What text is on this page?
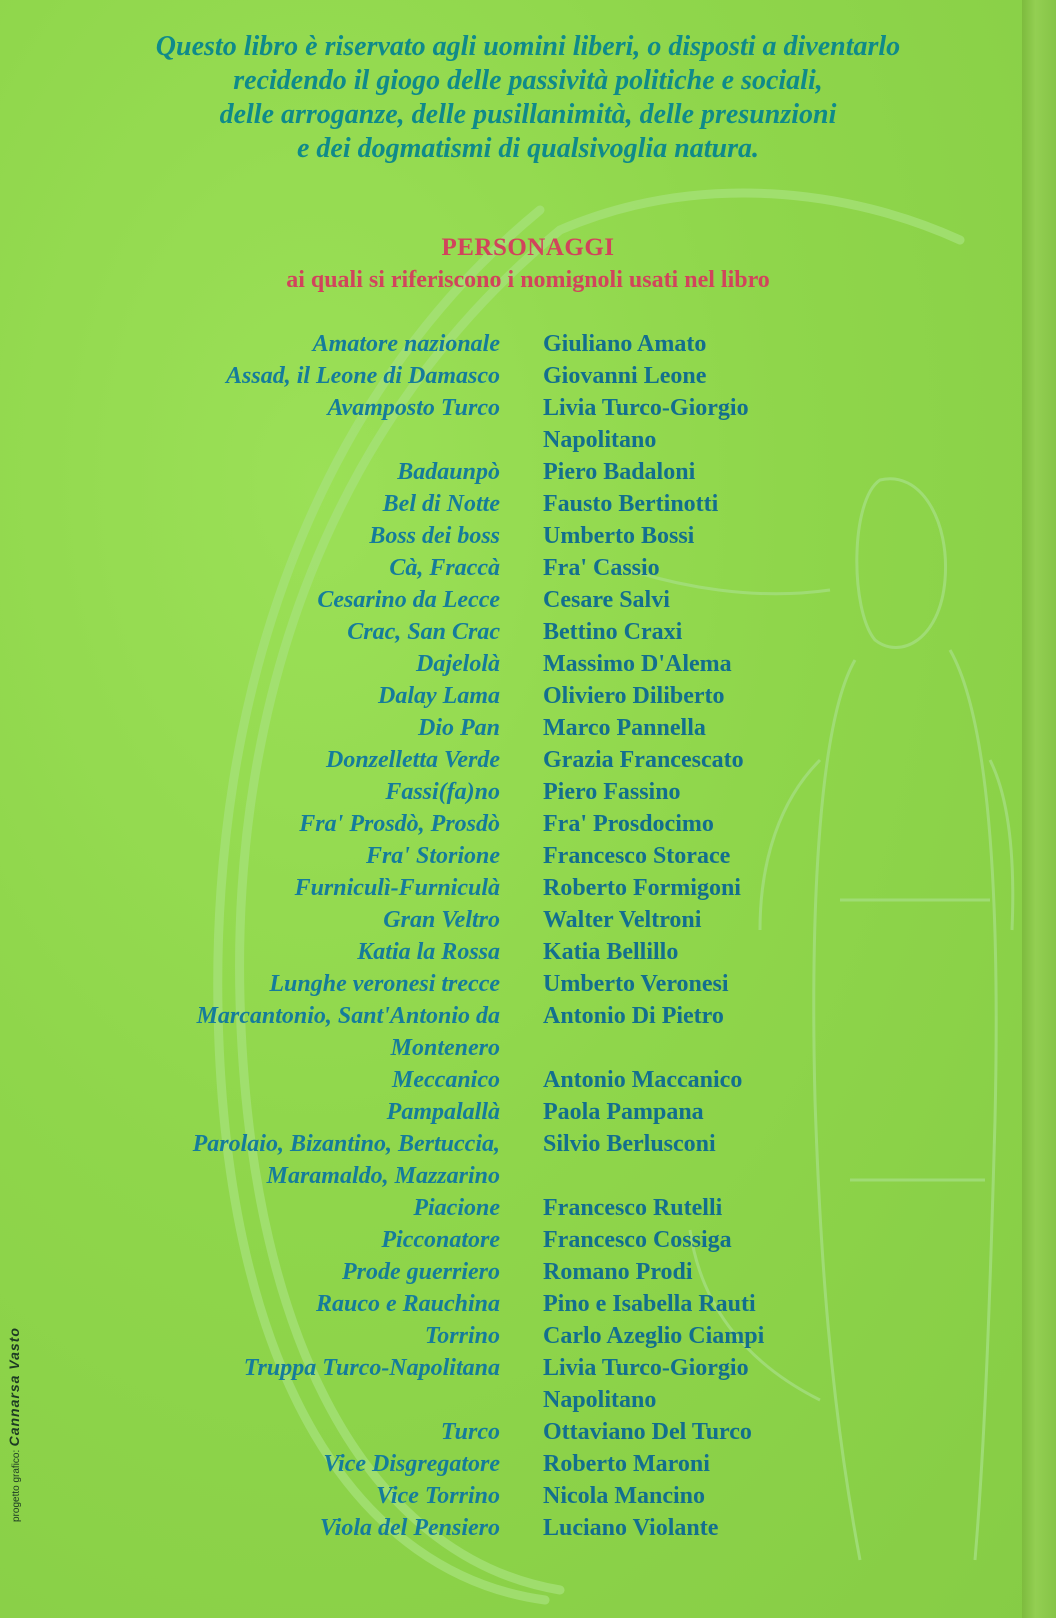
Questo libro è riservato agli uomini liberi, o disposti a diventarlo
recidendo il giogo delle passività politiche e sociali,
delle arroganze, delle pusillanimità, delle presunzioni
e dei dogmatismi di qualsivoglia natura.
PERSONAGGI
ai quali si riferiscono i nomignoli usati nel libro
Amatore nazionale Giuliano Amato
Assad, il Leone di Damasco Giovanni Leone
Avamposto Turco Livia Turco-Giorgio
Napolitano
Badaunpò Piero Badaloni
Bel di Notte Fausto Bertinotti
Boss dei boss Umberto Bossi
Cà, Fraccà Fra' Cassio
Cesarino da Lecce Cesare Salvi
Crac, San Crac Bettino Craxi
Dajelolà Massimo D'Alema
Dalay Lama Oliviero Diliberto
Dio Pan Marco Pannella
Donzelletta Verde Grazia Francescato
Fassi(fa)no Piero Fassino
Fra' Prosdò, Prosdò Fra' Prosdocimo
Fra' Storione Francesco Storace
Furniculì-Furniculà Roberto Formigoni
Gran Veltro Walter Veltroni
Katia la Rossa Katia Bellillo
Lunghe veronesi trecce Umberto Veronesi
Marcantonio, Sant'Antonio da Antonio Di Pietro
Montenero
Meccanico Antonio Maccanico
Pampalallà Paola Pampana
Parolaio, Bizantino, Bertuccia, Silvio Berlusconi
Maramaldo, Mazzarino
Piacione Francesco Rutelli
Picconatore Francesco Cossiga
Prode guerriero Romano Prodi
Rauco e Rauchina Pino e Isabella Rauti
Torrino Carlo Azeglio Ciampi
Truppa Turco-Napolitana Livia Turco-Giorgio
Napolitano
Turco Ottaviano Del Turco
Vice Disgregatore Roberto Maroni
Vice Torrino Nicola Mancino
Viola del Pensiero Luciano Violante
progetto grafico: Cannarsa Vasto
